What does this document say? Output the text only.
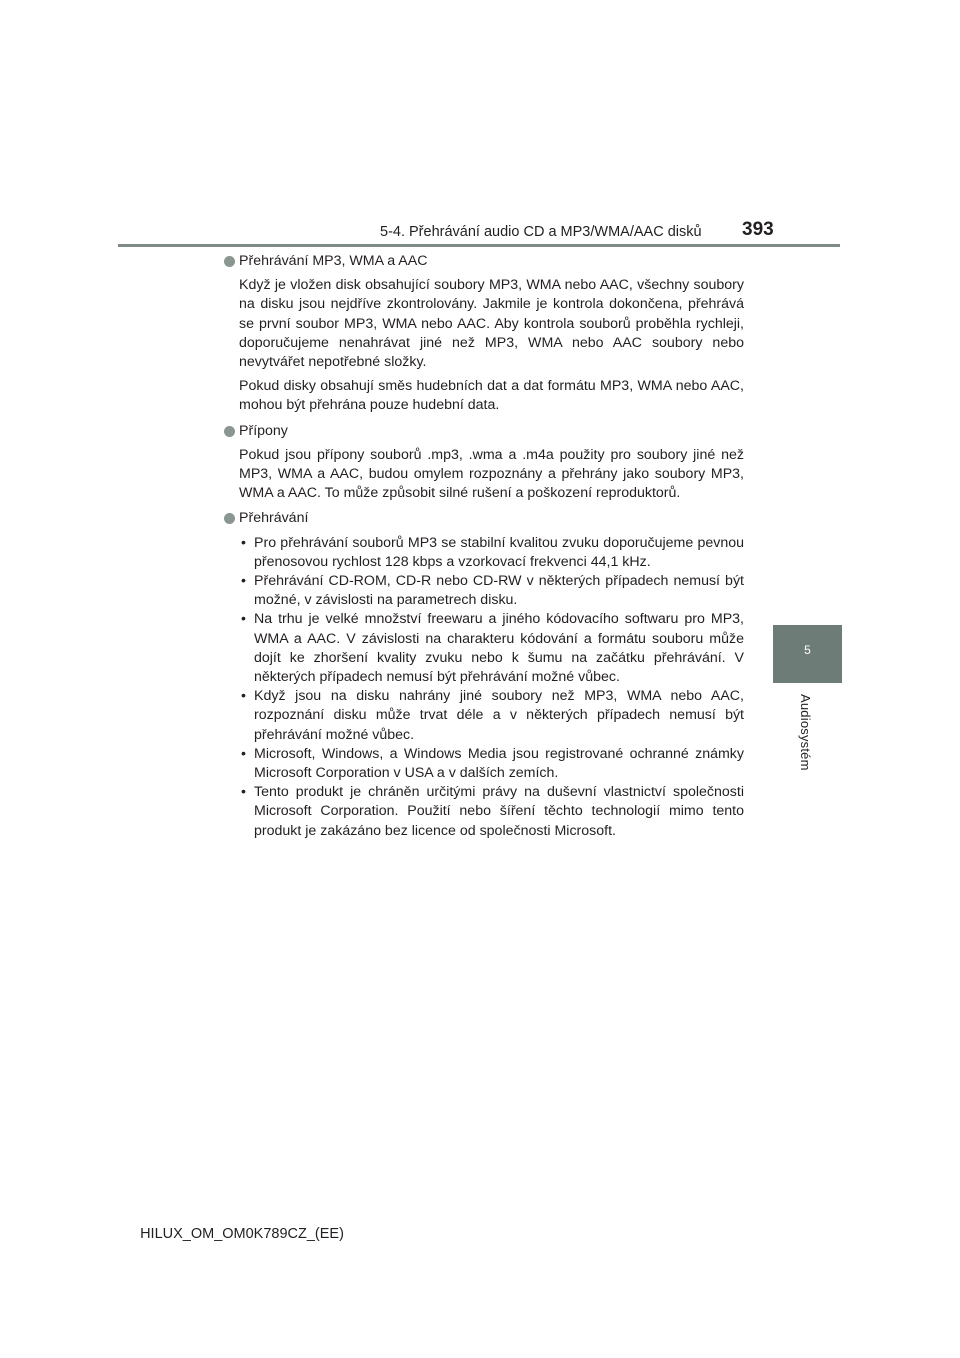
5-4. Přehrávání audio CD a MP3/WMA/AAC disků 393
5
Audiosystém
Přehrávání MP3, WMA a AAC

Když je vložen disk obsahující soubory MP3, WMA nebo AAC, všechny soubory na disku jsou nejdříve zkontrolovány. Jakmile je kontrola dokončena, přehrává se první soubor MP3, WMA nebo AAC. Aby kontrola souborů proběhla rychleji, doporučujeme nenahrávat jiné než MP3, WMA nebo AAC soubory nebo nevytvářet nepotřebné složky.

Pokud disky obsahují směs hudebních dat a dat formátu MP3, WMA nebo AAC, mohou být přehrána pouze hudební data.

Přípony

Pokud jsou přípony souborů .mp3, .wma a .m4a použity pro soubory jiné než MP3, WMA a AAC, budou omylem rozpoznány a přehrány jako soubory MP3, WMA a AAC. To může způsobit silné rušení a poškození reproduktorů.

Přehrávání
• Pro přehrávání souborů MP3 se stabilní kvalitou zvuku doporučujeme pevnou přenosovou rychlost 128 kbps a vzorkovací frekvenci 44,1 kHz.
• Přehrávání CD-ROM, CD-R nebo CD-RW v některých případech nemusí být možné, v závislosti na parametrech disku.
• Na trhu je velké množství freewaru a jiného kódovacího softwaru pro MP3, WMA a AAC. V závislosti na charakteru kódování a formátu souboru může dojít ke zhoršení kvality zvuku nebo k šumu na začátku přehrávání. V některých případech nemusí být přehrávání možné vůbec.
• Když jsou na disku nahrány jiné soubory než MP3, WMA nebo AAC, rozpoznání disku může trvat déle a v některých případech nemusí být přehrávání možné vůbec.
• Microsoft, Windows, a Windows Media jsou registrované ochranné známky Microsoft Corporation v USA a v dalších zemích.
• Tento produkt je chráněn určitými právy na duševní vlastnictví společnosti Microsoft Corporation. Použití nebo šíření těchto technologií mimo tento produkt je zakázáno bez licence od společnosti Microsoft.
HILUX_OM_OM0K789CZ_(EE)
